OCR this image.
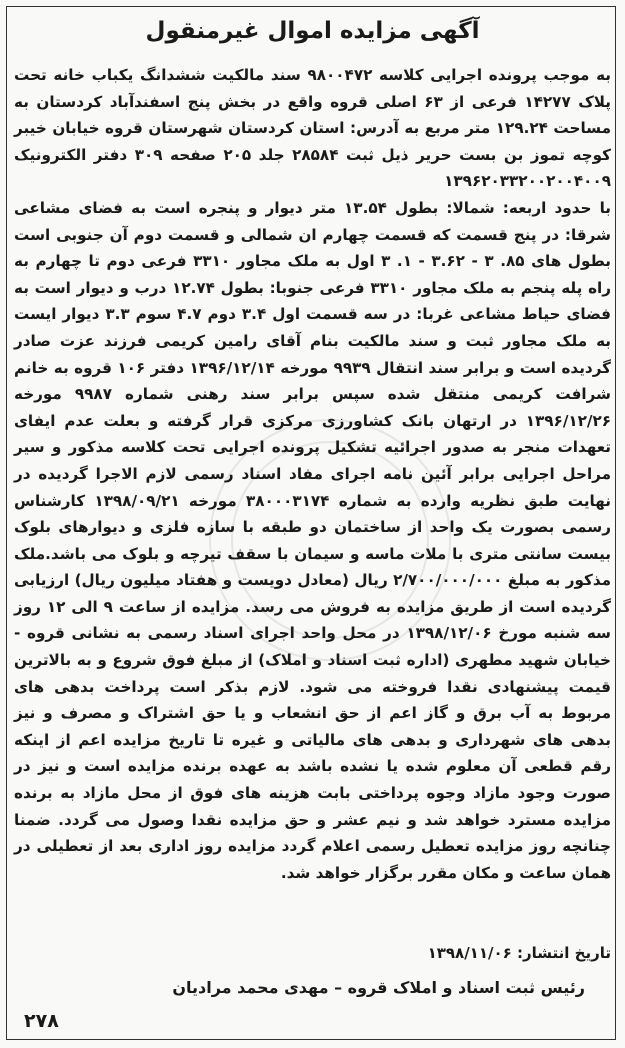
آگهی مزایده اموال غیرمنقول

به موجب پرونده اجرایی کلاسه ۹۸۰۰۴۷۲ سند مالکیت ششدانگ یکباب خانه تحت پلاک ۱۴۲۷۷ فرعی از ۶۳ اصلی قروه واقع در بخش پنج اسفندآباد کردستان به مساحت ۱۲۹.۲۴ متر مربع به آدرس: استان کردستان شهرستان قروه خیابان خیبر کوچه تموز بن بست حریر ذیل ثبت ۲۸۵۸۴ جلد ۲۰۵ صفحه ۳۰۹ دفتر الکترونیک ۱۳۹۶۲۰۳۳۲۰۰۲۰۰۴۰۰۹

با حدود اربعه: شمالا: بطول ۱۳.۵۴ متر دیوار و پنجره است به فضای مشاعی شرقا: در پنج قسمت که قسمت چهارم ان شمالی و قسمت دوم آن جنوبی است بطول های ۸۵. ۳ - ۳.۶۲ - ۱. ۳ اول به ملک مجاور ۳۳۱۰ فرعی دوم تا چهارم به راه پله پنجم به ملک مجاور ۳۳۱۰ فرعی جنوبا: بطول ۱۲.۷۴ درب و دیوار است به فضای حیاط مشاعی غربا: در سه قسمت اول ۳.۴ دوم ۴.۷ سوم ۳.۳ دیوار ایست به ملک مجاور ثبت و سند مالکیت بنام آقای رامین کریمی فرزند عزت صادر گردیده است و برابر سند انتقال ۹۹۳۹ مورخه ۱۳۹۶/۱۲/۱۴ دفتر ۱۰۶ قروه به خانم شرافت کریمی منتقل شده سپس برابر سند رهنی شماره ۹۹۸۷ مورخه ۱۳۹۶/۱۲/۲۶ در ارتهان بانک کشاورزی مرکزی قرار گرفته و بعلت عدم ایفای تعهدات منجر به صدور اجرائیه تشکیل پرونده اجرایی تحت کلاسه مذکور و سیر مراحل اجرایی برابر آئین نامه اجرای مفاد اسناد رسمی لازم الاجرا گردیده در نهایت طبق نظریه وارده به شماره ۳۸۰۰۰۳۱۷۴ مورخه ۱۳۹۸/۰۹/۲۱ کارشناس رسمی بصورت یک واحد از ساختمان دو طبقه با سازه فلزی و دیوارهای بلوک بیست سانتی متری با ملات ماسه و سیمان با سقف تیرچه و بلوک می باشد.ملک مذکور به مبلغ ۲/۷۰۰/۰۰۰/۰۰۰ ریال (معادل دویست و هفتاد میلیون ریال) ارزیابی گردیده است از طریق مزایده به فروش می رسد. مزایده از ساعت ۹ الی ۱۲ روز سه شنبه مورخ ۱۳۹۸/۱۲/۰۶ در محل واحد اجرای اسناد رسمی به نشانی قروه - خیابان شهید مطهری (اداره ثبت اسناد و املاک) از مبلغ فوق شروع و به بالاترین قیمت پیشنهادی نقدا فروخته می شود. لازم بذکر است پرداخت بدهی های مربوط به آب برق و گاز اعم از حق انشعاب و یا حق اشتراک و مصرف و نیز بدهی های شهرداری و بدهی های مالیاتی و غیره تا تاریخ مزایده اعم از اینکه رقم قطعی آن معلوم شده یا نشده باشد به عهده برنده مزایده است و نیز در صورت وجود مازاد وجوه پرداختی بابت هزینه های فوق از محل مازاد به برنده مزایده مسترد خواهد شد و نیم عشر و حق مزایده نقدا وصول می گردد. ضمنا چنانچه روز مزایده تعطیل رسمی اعلام گردد مزایده روز اداری بعد از تعطیلی در همان ساعت و مکان مقرر برگزار خواهد شد.

تاریخ انتشار: ۱۳۹۸/۱۱/۰۶
رئیس ثبت اسناد و املاک قروه – مهدی محمد مرادیان
۲۷۸
